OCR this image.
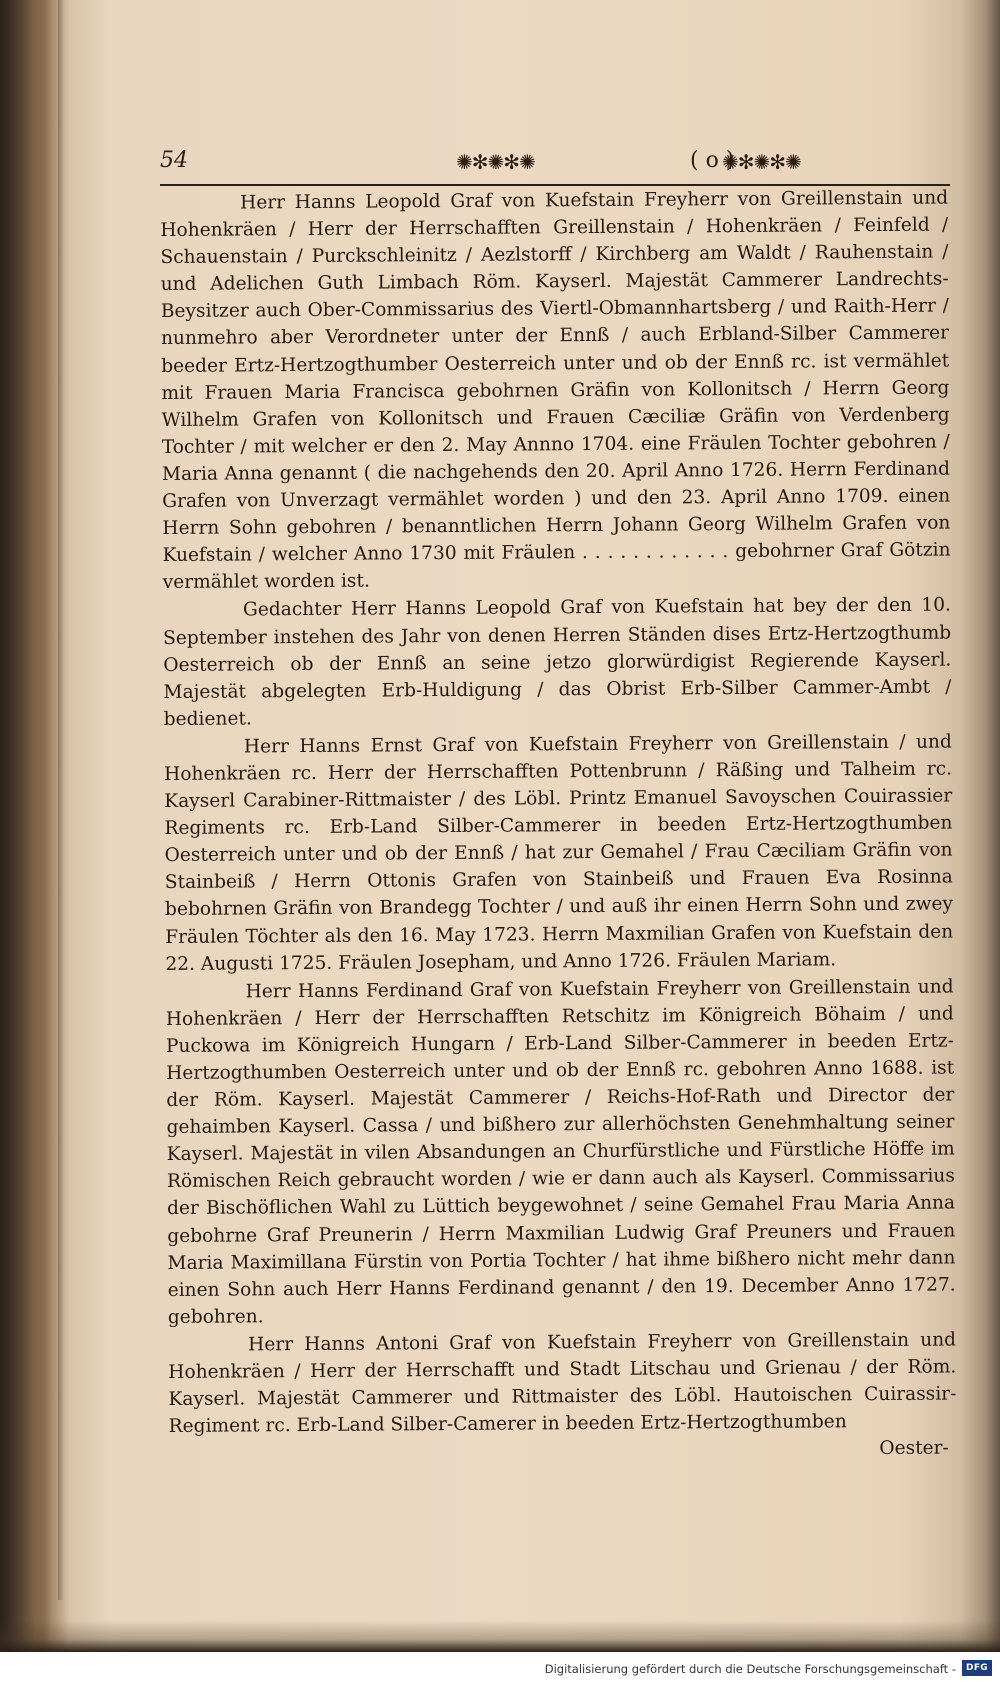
54	✺✻✺✻✺	( o )
✺✻✺✻✺

Herr Hanns Leopold Graf von Kuefstain Freyherr von Greillenstain und Hohenkräen / Herr der Herrschafften Greillenstain / Hohenkräen / Feinfeld / Schauenstain / Purckschleinitz / Aezlstorff / Kirchberg am Waldt / Rauhenstain / und Adelichen Guth Limbach Röm. Kayserl. Majestät Cammerer Landrechts-Beysitzer auch Ober-Commissarius des Viertl-Obmannhartsberg / und Raith-Herr / nunmehro aber Verordneter unter der Ennß / auch Erbland-Silber Cammerer beeder Ertz-Hertzogthumber Oesterreich unter und ob der Ennß rc. ist vermählet mit Frauen Maria Francisca gebohrnen Gräfin von Kollonitsch / Herrn Georg Wilhelm Grafen von Kollonitsch und Frauen Cæciliæ Gräfin von Verdenberg Tochter / mit welcher er den 2. May Annno 1704. eine Fräulen Tochter gebohren / Maria Anna genannt ( die nachgehends den 20. April Anno 1726. Herrn Ferdinand Grafen von Unverzagt vermählet worden ) und den 23. April Anno 1709. einen Herrn Sohn gebohren / benanntlichen Herrn Johann Georg Wilhelm Grafen von Kuefstain / welcher Anno 1730 mit Fräulen . . . . . . . . . . . . gebohrner Graf Götzin vermählet worden ist.

Gedachter Herr Hanns Leopold Graf von Kuefstain hat bey der den 10. September instehen des Jahr von denen Herren Ständen dises Ertz-Hertzogthumb Oesterreich ob der Ennß an seine jetzo glorwürdigist Regierende Kayserl. Majestät abgelegten Erb-Huldigung / das Obrist Erb-Silber Cammer-Ambt / bedienet.

Herr Hanns Ernst Graf von Kuefstain Freyherr von Greillenstain / und Hohenkräen rc. Herr der Herrschafften Pottenbrunn / Räßing und Talheim rc. Kayserl Carabiner-Rittmaister / des Löbl. Printz Emanuel Savoyschen Couirassier Regiments rc. Erb-Land Silber-Cammerer in beeden Ertz-Hertzogthumben Oesterreich unter und ob der Ennß / hat zur Gemahel / Frau Cæciliam Gräfin von Stainbeiß / Herrn Ottonis Grafen von Stainbeiß und Frauen Eva Rosinna bebohrnen Gräfin von Brandegg Tochter / und auß ihr einen Herrn Sohn und zwey Fräulen Töchter als den 16. May 1723. Herrn Maxmilian Grafen von Kuefstain den 22. Augusti 1725. Fräulen Josepham, und Anno 1726. Fräulen Mariam.

Herr Hanns Ferdinand Graf von Kuefstain Freyherr von Greillenstain und Hohenkräen / Herr der Herrschafften Retschitz im Königreich Böhaim / und Puckowa im Königreich Hungarn / Erb-Land Silber-Cammerer in beeden Ertz-Hertzogthumben Oesterreich unter und ob der Ennß rc. gebohren Anno 1688. ist der Röm. Kayserl. Majestät Cammerer / Reichs-Hof-Rath und Director der gehaimben Kayserl. Cassa / und bißhero zur allerhöchsten Genehmhaltung seiner Kayserl. Majestät in vilen Absandungen an Churfürstliche und Fürstliche Höffe im Römischen Reich gebraucht worden / wie er dann auch als Kayserl. Commissarius der Bischöflichen Wahl zu Lüttich beygewohnet / seine Gemahel Frau Maria Anna gebohrne Graf Preunerin / Herrn Maxmilian Ludwig Graf Preuners und Frauen Maria Maximillana Fürstin von Portia Tochter / hat ihme bißhero nicht mehr dann einen Sohn auch Herr Hanns Ferdinand genannt / den 19. December Anno 1727. gebohren.

Herr Hanns Antoni Graf von Kuefstain Freyherr von Greillenstain und Hohenkräen / Herr der Herrschafft und Stadt Litschau und Grienau / der Röm. Kayserl. Majestät Cammerer und Rittmaister des Löbl. Hautoischen Cuirassir-Regiment rc. Erb-Land Silber-Camerer in beeden Ertz-Hertzogthumben

Oester-
Digitalisierung gefördert durch die Deutsche Forschungsgemeinschaft -	DFG
